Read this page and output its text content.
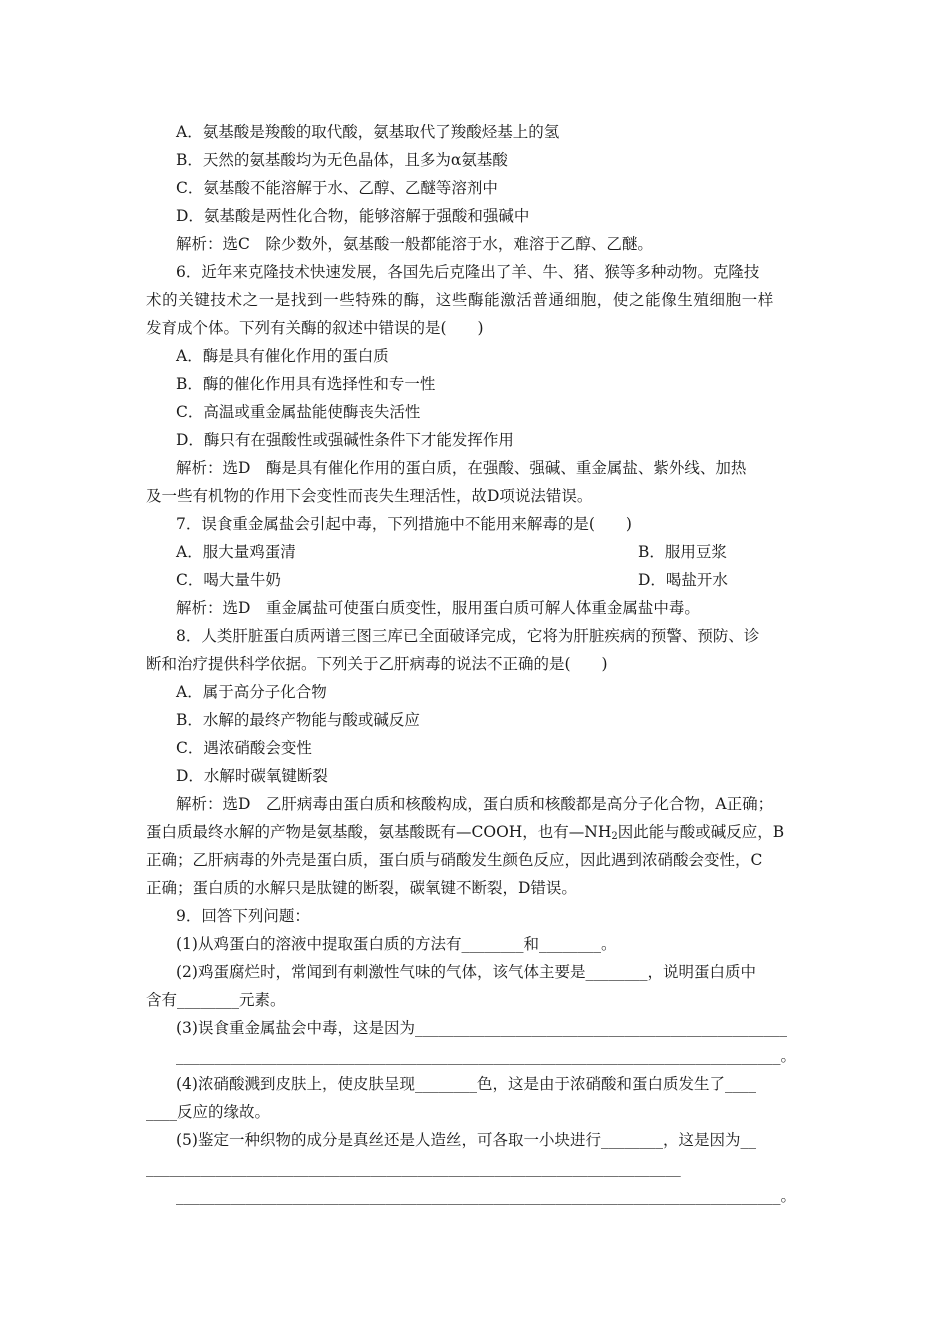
A．氨基酸是羧酸的取代酸，氨基取代了羧酸烃基上的氢
B．天然的氨基酸均为无色晶体，且多为α氨基酸
C．氨基酸不能溶解于水、乙醇、乙醚等溶剂中
D．氨基酸是两性化合物，能够溶解于强酸和强碱中
解析：选C　除少数外，氨基酸一般都能溶于水，难溶于乙醇、乙醚。
6．近年来克隆技术快速发展，各国先后克隆出了羊、牛、猪、猴等多种动物。克隆技
术的关键技术之一是找到一些特殊的酶，这些酶能激活普通细胞，使之能像生殖细胞一样
发育成个体。下列有关酶的叙述中错误的是(　　)
A．酶是具有催化作用的蛋白质
B．酶的催化作用具有选择性和专一性
C．高温或重金属盐能使酶丧失活性
D．酶只有在强酸性或强碱性条件下才能发挥作用
解析：选D　酶是具有催化作用的蛋白质，在强酸、强碱、重金属盐、紫外线、加热
及一些有机物的作用下会变性而丧失生理活性，故D项说法错误。
7．误食重金属盐会引起中毒，下列措施中不能用来解毒的是(　　)
A．服大量鸡蛋清	B．服用豆浆
C．喝大量牛奶	D．喝盐开水
解析：选D　重金属盐可使蛋白质变性，服用蛋白质可解人体重金属盐中毒。
8．人类肝脏蛋白质两谱三图三库已全面破译完成，它将为肝脏疾病的预警、预防、诊
断和治疗提供科学依据。下列关于乙肝病毒的说法不正确的是(　　)
A．属于高分子化合物
B．水解的最终产物能与酸或碱反应
C．遇浓硝酸会变性
D．水解时碳氧键断裂
解析：选D　乙肝病毒由蛋白质和核酸构成，蛋白质和核酸都是高分子化合物，A正确；
蛋白质最终水解的产物是氨基酸，氨基酸既有—COOH，也有$—NH_2$因此能与酸或碱反应，B
正确；乙肝病毒的外壳是蛋白质，蛋白质与硝酸发生颜色反应，因此遇到浓硝酸会变性，C
正确；蛋白质的水解只是肽键的断裂，碳氧键不断裂，D错误。
9．回答下列问题：
(1)从鸡蛋白的溶液中提取蛋白质的方法有________和________。
(2)鸡蛋腐烂时，常闻到有刺激性气味的气体，该气体主要是________，说明蛋白质中
含有________元素。
(3)误食重金属盐会中毒，这是因为________________________________________________
______________________________________________________________________________。
(4)浓硝酸溅到皮肤上，使皮肤呈现________色，这是由于浓硝酸和蛋白质发生了____
____反应的缘故。
(5)鉴定一种织物的成分是真丝还是人造丝，可各取一小块进行________，这是因为__
_____________________________________________________________________
______________________________________________________________________________。
